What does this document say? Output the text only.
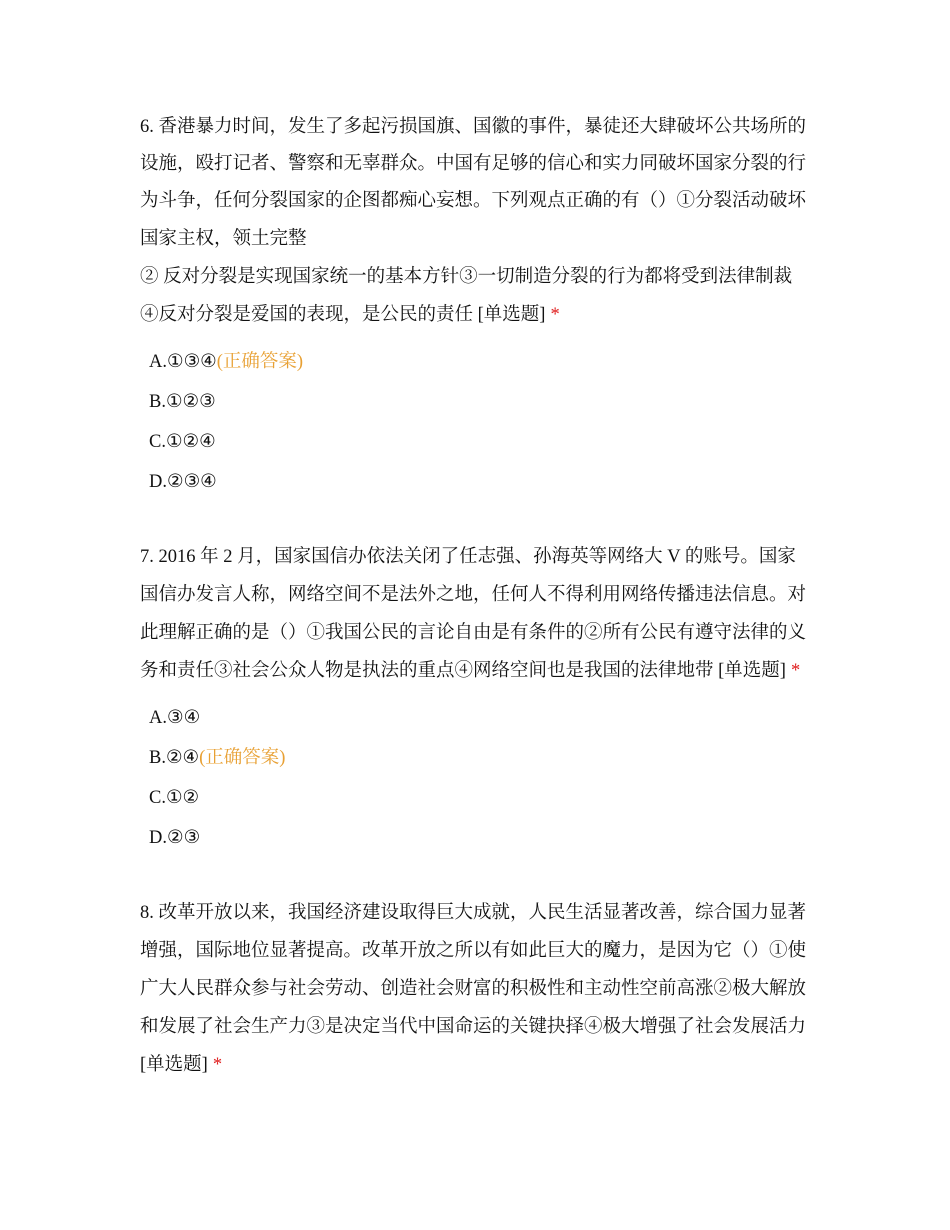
6. 香港暴力时间，发生了多起污损国旗、国徽的事件，暴徒还大肆破坏公共场所的
设施，殴打记者、警察和无辜群众。中国有足够的信心和实力同破坏国家分裂的行
为斗争，任何分裂国家的企图都痴心妄想。下列观点正确的有（）①分裂活动破坏
国家主权，领土完整
② 反对分裂是实现国家统一的基本方针③一切制造分裂的行为都将受到法律制裁
④反对分裂是爱国的表现，是公民的责任 [单选题] *
A.①③④(正确答案)
B.①②③
C.①②④
D.②③④
7. 2016 年 2 月，国家国信办依法关闭了任志强、孙海英等网络大 V 的账号。国家
国信办发言人称，网络空间不是法外之地，任何人不得利用网络传播违法信息。对
此理解正确的是（）①我国公民的言论自由是有条件的②所有公民有遵守法律的义
务和责任③社会公众人物是执法的重点④网络空间也是我国的法律地带 [单选题] *
A.③④
B.②④(正确答案)
C.①②
D.②③
8. 改革开放以来，我国经济建设取得巨大成就，人民生活显著改善，综合国力显著
增强，国际地位显著提高。改革开放之所以有如此巨大的魔力，是因为它（）①使
广大人民群众参与社会劳动、创造社会财富的积极性和主动性空前高涨②极大解放
和发展了社会生产力③是决定当代中国命运的关键抉择④极大增强了社会发展活力
[单选题] *
